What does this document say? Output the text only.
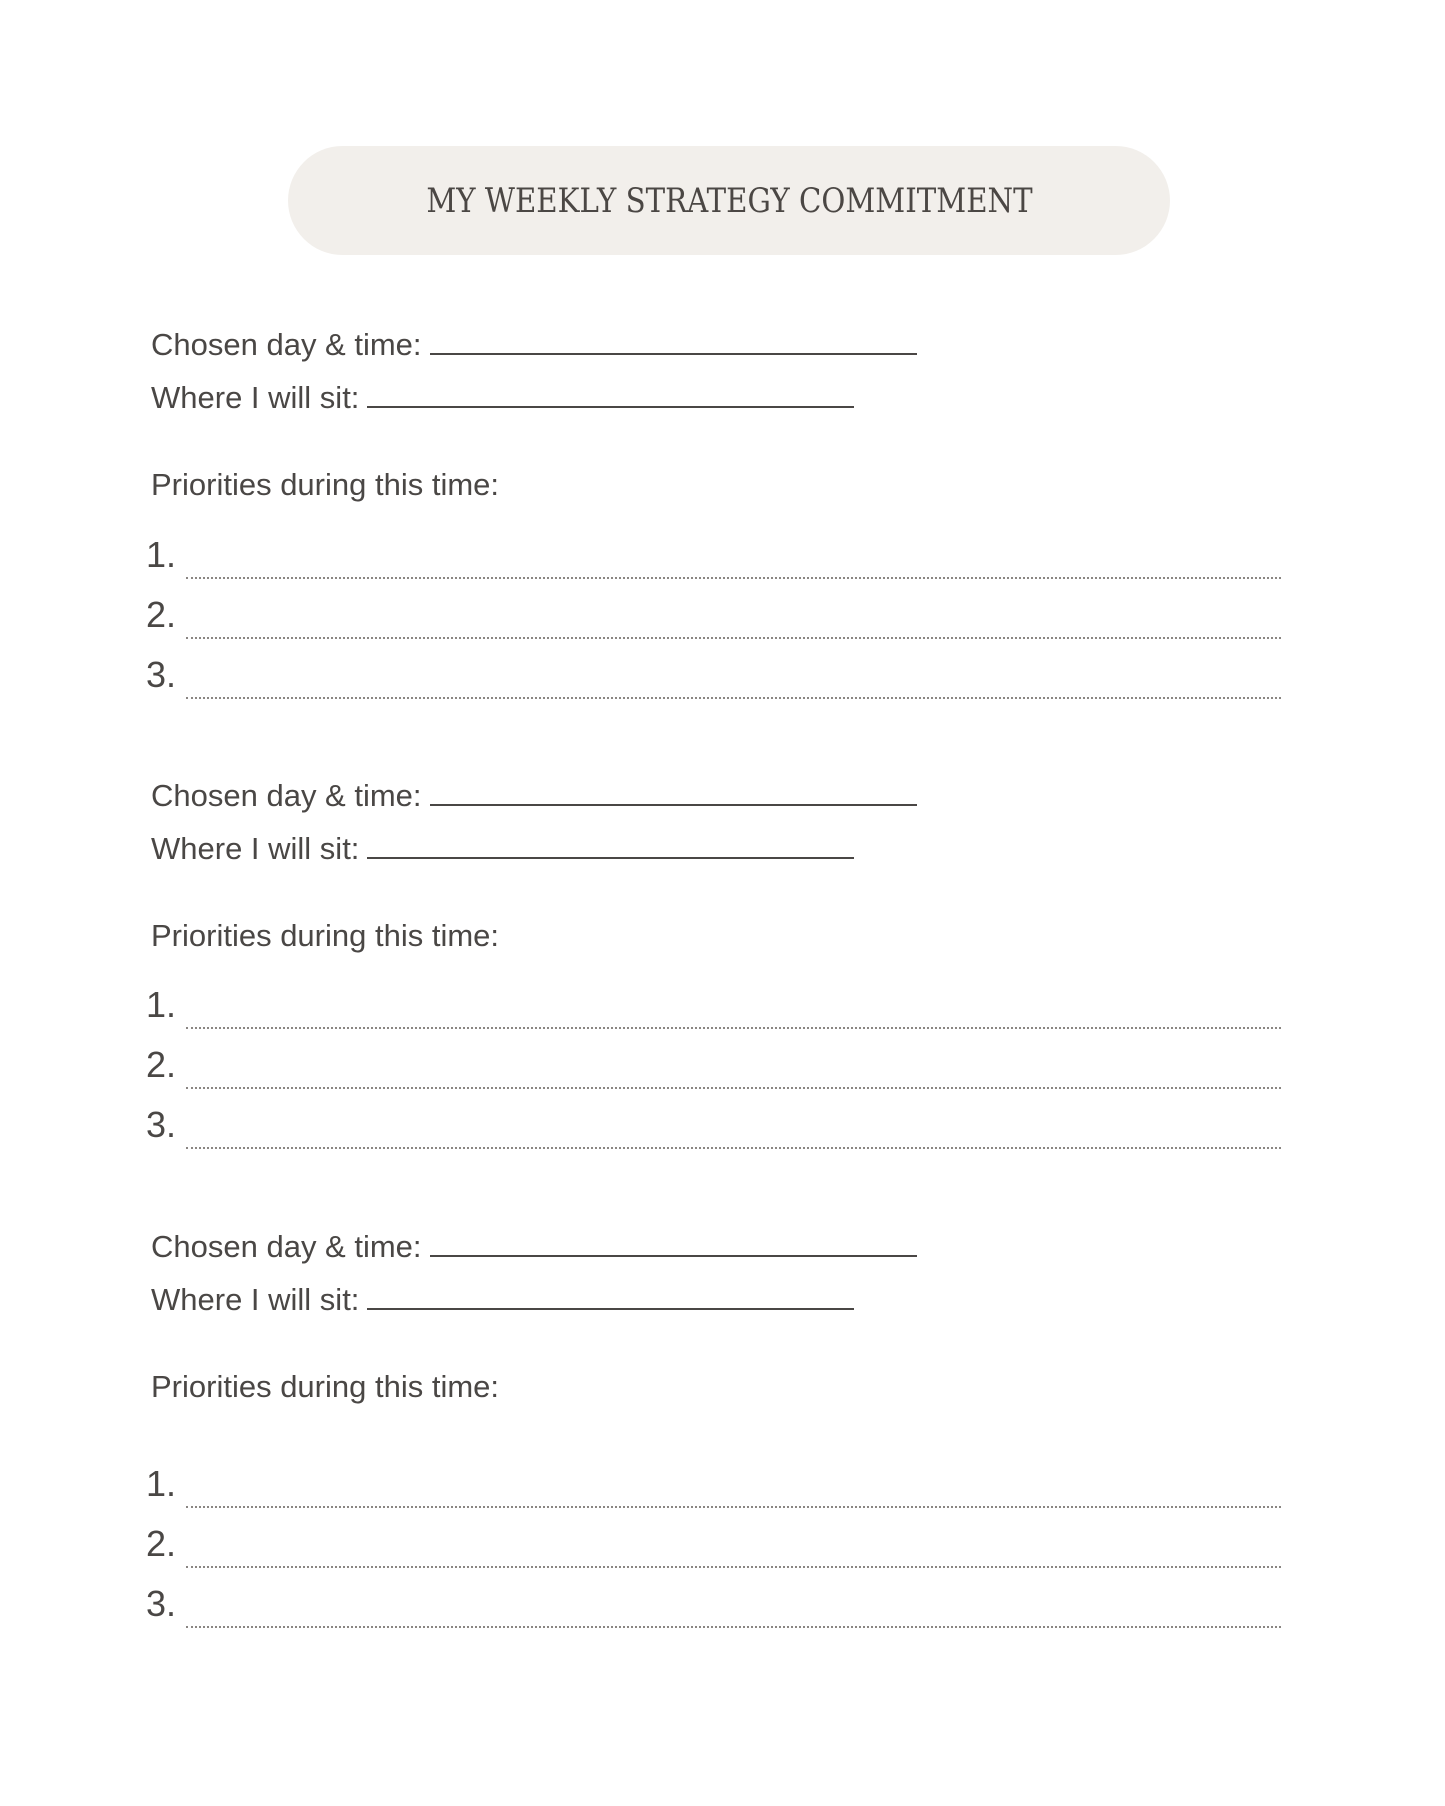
MY WEEKLY STRATEGY COMMITMENT
Chosen day & time:
Where I will sit:
Priorities during this time:
1.
2.
3.
Chosen day & time:
Where I will sit:
Priorities during this time:
1.
2.
3.
Chosen day & time:
Where I will sit:
Priorities during this time:
1.
2.
3.
